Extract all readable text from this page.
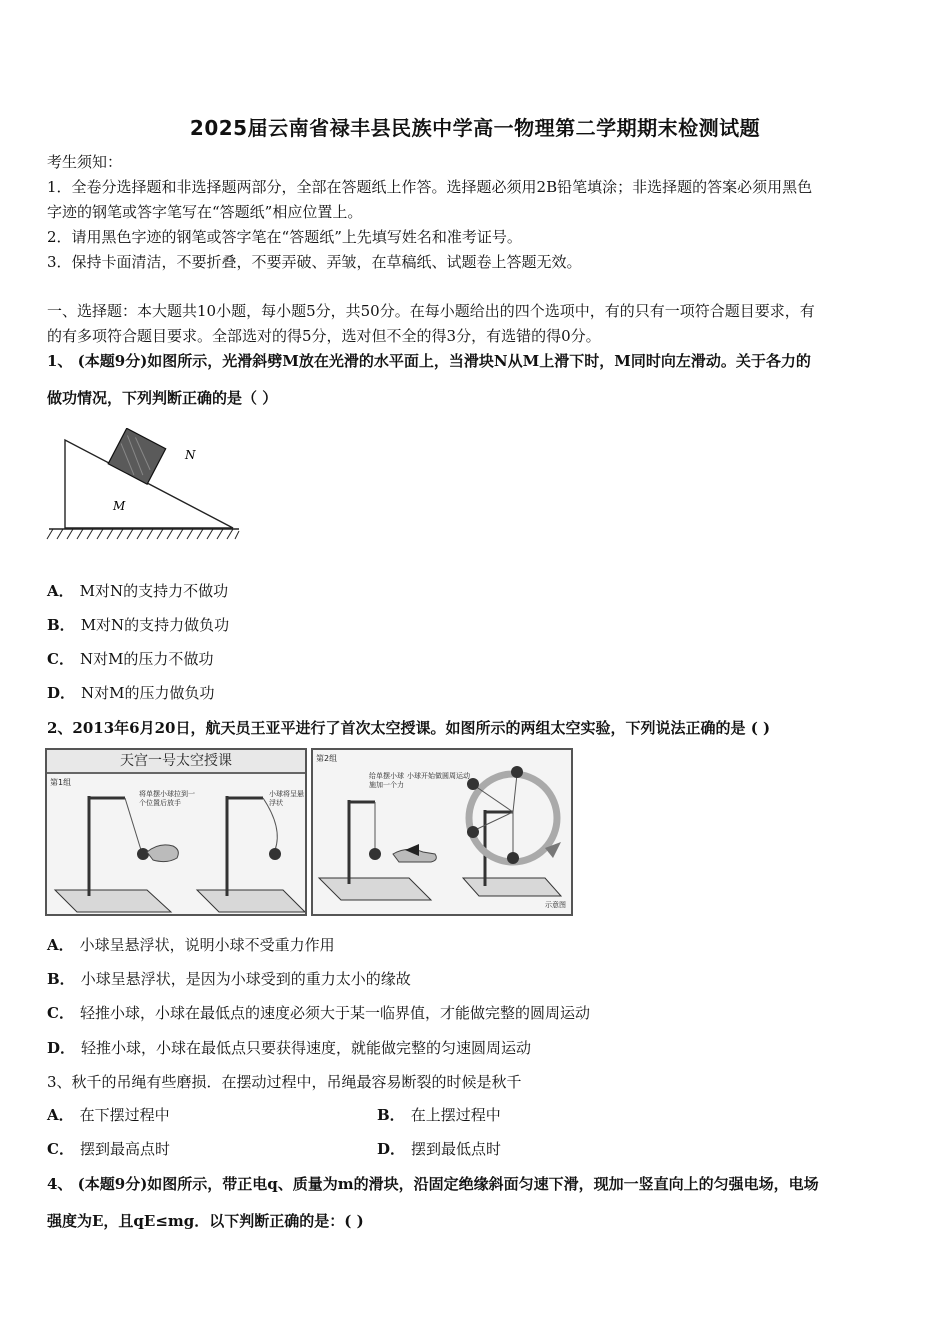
2025届云南省禄丰县民族中学高一物理第二学期期末检测试题
考生须知：
1．全卷分选择题和非选择题两部分，全部在答题纸上作答。选择题必须用2B铅笔填涂；非选择题的答案必须用黑色
字迹的钢笔或答字笔写在“答题纸”相应位置上。
2．请用黑色字迹的钢笔或答字笔在“答题纸”上先填写姓名和准考证号。
3．保持卡面清洁，不要折叠，不要弄破、弄皱，在草稿纸、试题卷上答题无效。
一、选择题：本大题共10小题，每小题5分，共50分。在每小题给出的四个选项中，有的只有一项符合题目要求，有
的有多项符合题目要求。全部选对的得5分，选对但不全的得3分，有选错的得0分。
1、 (本题9分)如图所示，光滑斜劈M放在光滑的水平面上，当滑块N从M上滑下时，M同时向左滑动。关于各力的
做功情况，下列判断正确的是（ ）
N
M
A． M对N的支持力不做功
B． M对N的支持力做负功
C． N对M的压力不做功
D． N对M的压力做负功
2、2013年6月20日，航天员王亚平进行了首次太空授课。如图所示的两组太空实验，下列说法正确的是 ( )
天宫一号太空授课
第1组
将单摆小球拉到一个位置后放手
小球将呈悬浮状
第2组
给单摆小球施加一个力
小球开始做圆周运动
示意图
A． 小球呈悬浮状，说明小球不受重力作用
B． 小球呈悬浮状，是因为小球受到的重力太小的缘故
C． 轻推小球，小球在最低点的速度必须大于某一临界值，才能做完整的圆周运动
D． 轻推小球，小球在最低点只要获得速度，就能做完整的匀速圆周运动
3、秋千的吊绳有些磨损．在摆动过程中，吊绳最容易断裂的时候是秋千
A． 在下摆过程中	B． 在上摆过程中
C． 摆到最高点时	D． 摆到最低点时
4、 (本题9分)如图所示，带正电q、质量为m的滑块，沿固定绝缘斜面匀速下滑，现加一竖直向上的匀强电场，电场
强度为E，且qE≤mg．以下判断正确的是：( )
